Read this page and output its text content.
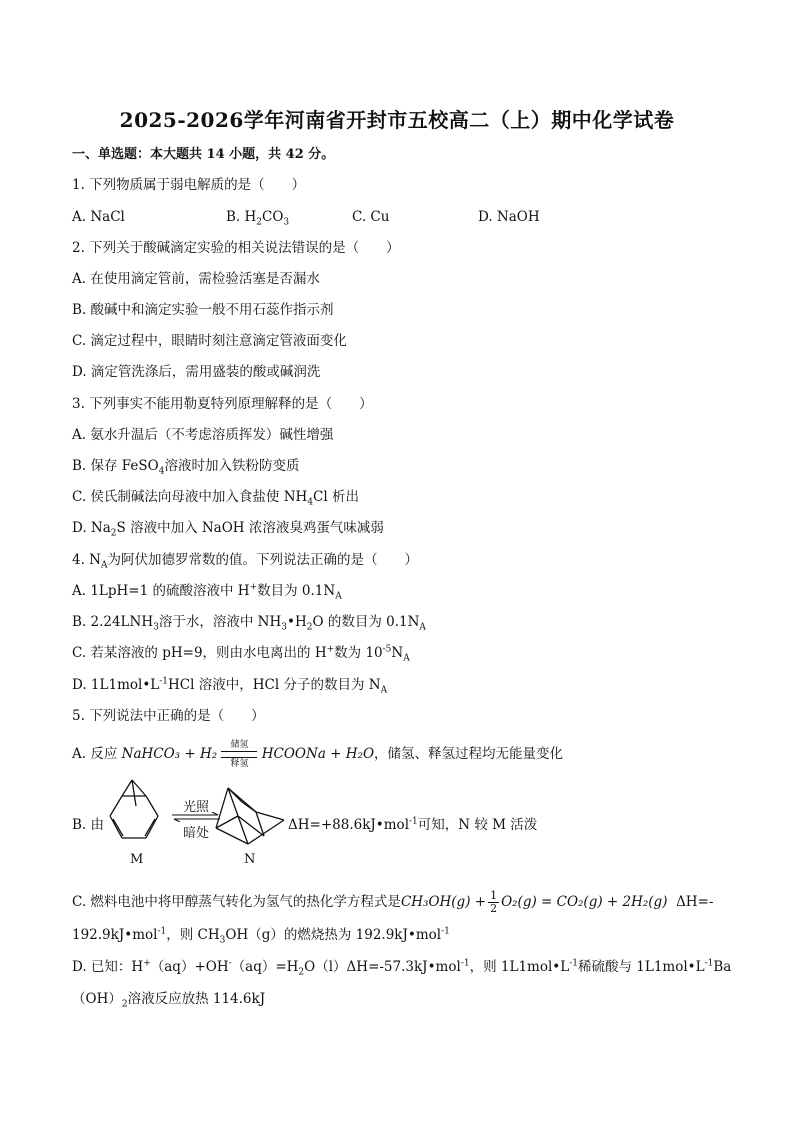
2025-2026学年河南省开封市五校高二（上）期中化学试卷
一、单选题：本大题共 14 小题，共 42 分。
1. 下列物质属于弱电解质的是（　　）
A. NaCl	B. $H_2CO_3$	C. Cu	D. NaOH
2. 下列关于酸碱滴定实验的相关说法错误的是（　　）
A. 在使用滴定管前，需检验活塞是否漏水
B. 酸碱中和滴定实验一般不用石蕊作指示剂
C. 滴定过程中，眼睛时刻注意滴定管液面变化
D. 滴定管洗涤后，需用盛装的酸或碱润洗
3. 下列事实不能用勒夏特列原理解释的是（　　）
A. 氨水升温后（不考虑溶质挥发）碱性增强
B. 保存 FeSO$_4$溶液时加入铁粉防变质
C. 侯氏制碱法向母液中加入食盐使 $NH_4Cl$ 析出
D. $Na_2S$ 溶液中加入 NaOH 浓溶液臭鸡蛋气味减弱
4. $N_A$为阿伏加德罗常数的值。下列说法正确的是（　　）
A. 1LpH=1 的硫酸溶液中 H+数目为 $0.1N_A$
B. $2.24LNH_3$溶于水，溶液中 $NH_3•H_2O$ 的数目为 $0.1N_A$
C. 若某溶液的 pH=9，则由水电离出的 H+数为 $10^{-5}N_A$
D. $1L1mol•L^{-1}HCl$ 溶液中，HCl 分子的数目为 $N_A$
5. 下列说法中正确的是（　　）
A. 反应 NaHCO₃ + H₂ 储氢
释氢 HCOONa + H₂O，储氢、释氢过程均无能量变化
B. 由
M
光照
暗处
N
ΔH=+88.6kJ•mol$^{-1}$可知，N 较 M 活泼
C. 燃料电池中将甲醇蒸气转化为氢气的热化学方程式是$CH_3OH(g) + \frac{1}{2} O_2(g) = CO_2(g) + 2H_2(g)$ ΔH=-
192.9kJ•mol$^{-1}$，则 $CH_3OH(g)$的燃烧热为 192.9kJ•mol$^{-1}$
D. 已知：$H^+(aq)+OH^-(aq)=H_2O(l)\Delta H=-57.3kJ•mol^{-1}$，则 $1L1mol•L^{-1}$稀硫酸与 $1L1mol•L^{-1}Ba$
$(OH)_2$溶液反应放热 114.6kJ
